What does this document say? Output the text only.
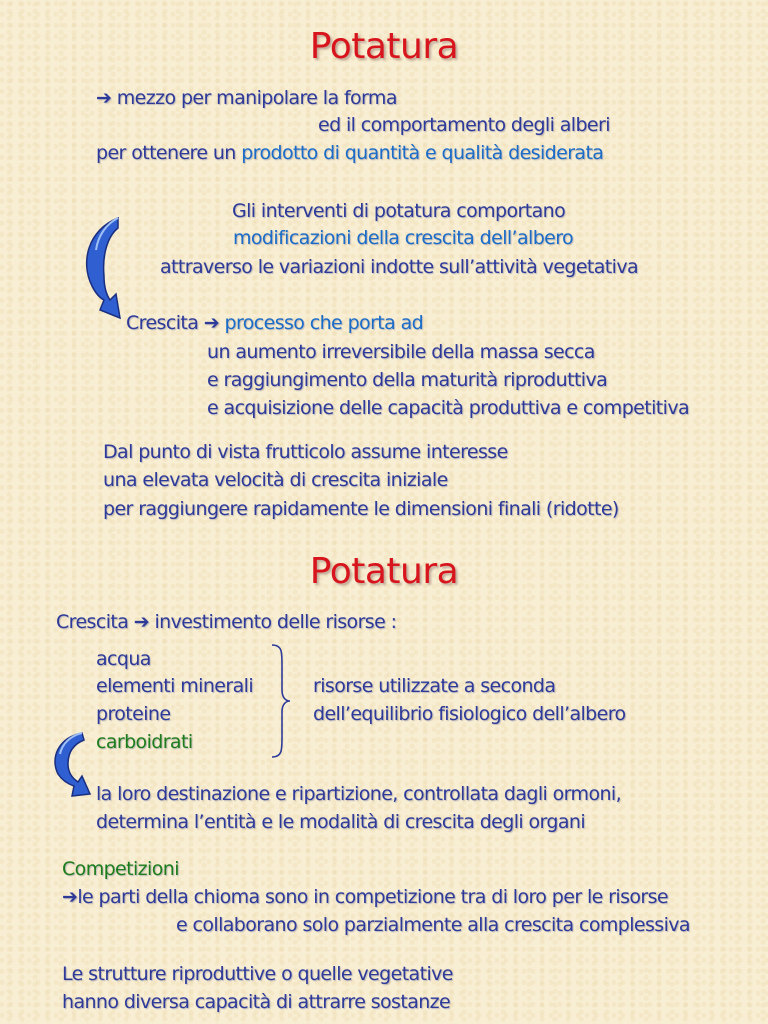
Potatura
➔ mezzo per manipolare la forma
ed il comportamento degli alberi
per ottenere un prodotto di quantità e qualità desiderata
Gli interventi di potatura comportano
modificazioni della crescita dell’albero
attraverso le variazioni indotte sull’attività vegetativa
Crescita ➔ processo che porta ad
un aumento irreversibile della massa secca
e raggiungimento della maturità riproduttiva
e acquisizione delle capacità produttiva e competitiva
Dal punto di vista frutticolo assume interesse
una elevata velocità di crescita iniziale
per raggiungere rapidamente le dimensioni finali (ridotte)
Potatura
Crescita ➔ investimento delle risorse :
acqua
elementi minerali
proteine
carboidrati
risorse utilizzate a seconda
dell’equilibrio fisiologico dell’albero
la loro destinazione e ripartizione, controllata dagli ormoni,
determina l’entità e le modalità di crescita degli organi
Competizioni
➔le parti della chioma sono in competizione tra di loro per le risorse
e collaborano solo parzialmente alla crescita complessiva
Le strutture riproduttive o quelle vegetative
hanno diversa capacità di attrarre sostanze
